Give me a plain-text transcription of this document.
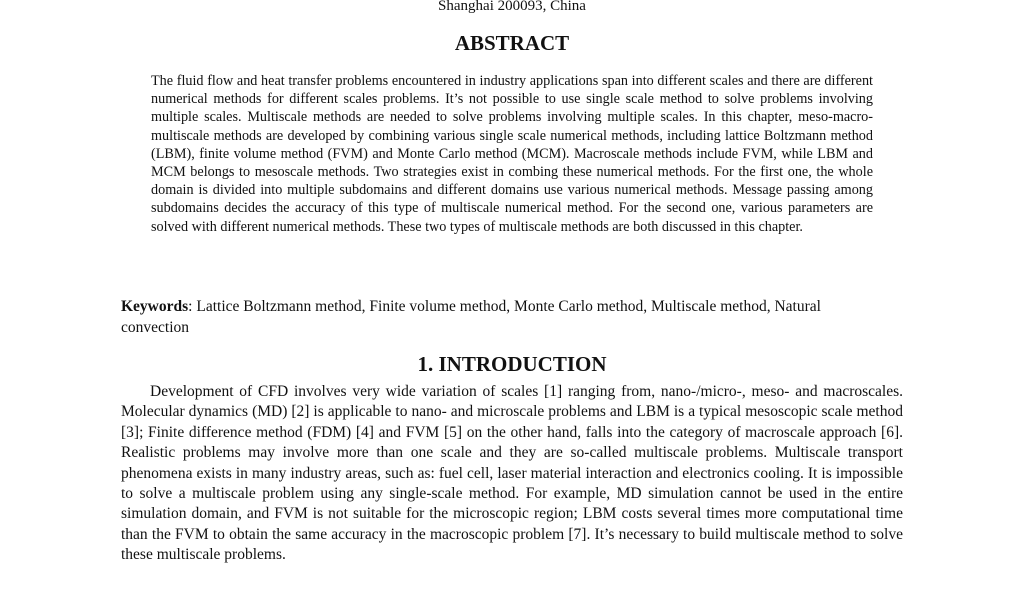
Shanghai 200093, China
ABSTRACT

The fluid flow and heat transfer problems encountered in industry applications span into different scales and there are different numerical methods for different scales problems. It’s not possible to use single scale method to solve problems involving multiple scales. Multiscale methods are needed to solve problems involving multiple scales. In this chapter, meso-macro-multiscale methods are developed by combining various single scale numerical methods, including lattice Boltzmann method (LBM), finite volume method (FVM) and Monte Carlo method (MCM). Macroscale methods include FVM, while LBM and MCM belongs to mesoscale methods. Two strategies exist in combing these numerical methods. For the first one, the whole domain is divided into multiple subdomains and different domains use various numerical methods. Message passing among subdomains decides the accuracy of this type of multiscale numerical method. For the second one, various parameters are solved with different numerical methods. These two types of multiscale methods are both discussed in this chapter.

Keywords: Lattice Boltzmann method, Finite volume method, Monte Carlo method, Multiscale method, Natural convection

1. INTRODUCTION

Development of CFD involves very wide variation of scales [1] ranging from, nano-/micro-, meso- and macroscales. Molecular dynamics (MD) [2] is applicable to nano- and microscale problems and LBM is a typical mesoscopic scale method [3]; Finite difference method (FDM) [4] and FVM [5] on the other hand, falls into the category of macroscale approach [6]. Realistic problems may involve more than one scale and they are so-called multiscale problems. Multiscale transport phenomena exists in many industry areas, such as: fuel cell, laser material interaction and electronics cooling. It is impossible to solve a multiscale problem using any single-scale method. For example, MD simulation cannot be used in the entire simulation domain, and FVM is not suitable for the microscopic region; LBM costs several times more computational time than the FVM to obtain the same accuracy in the macroscopic problem [7]. It’s necessary to build multiscale method to solve these multiscale problems.
